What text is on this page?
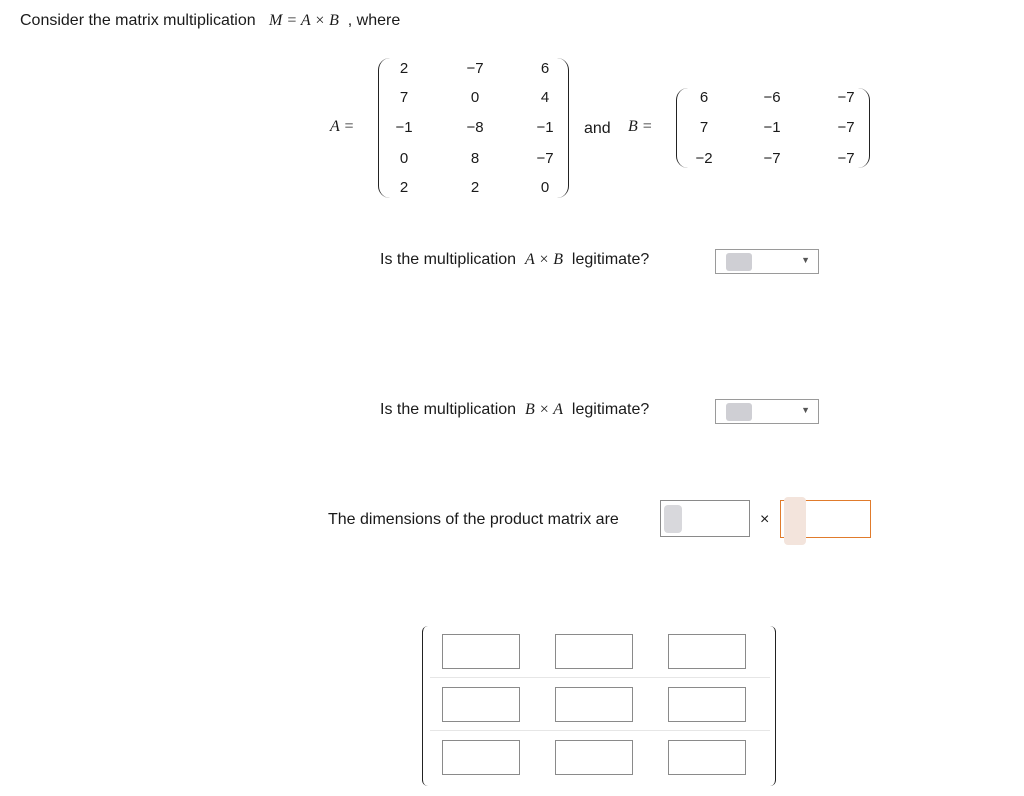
Consider the matrix multiplication M = A × B , where
A =
2	−7	6
7	0	4
−1	−8	−1
0	8	−7
2	2	0
and B =
6	−6	−7
7	−1	−7
−2	−7	−7
Is the multiplication A × B legitimate?	▼
Is the multiplication B × A legitimate?	▼
The dimensions of the product matrix are	×
